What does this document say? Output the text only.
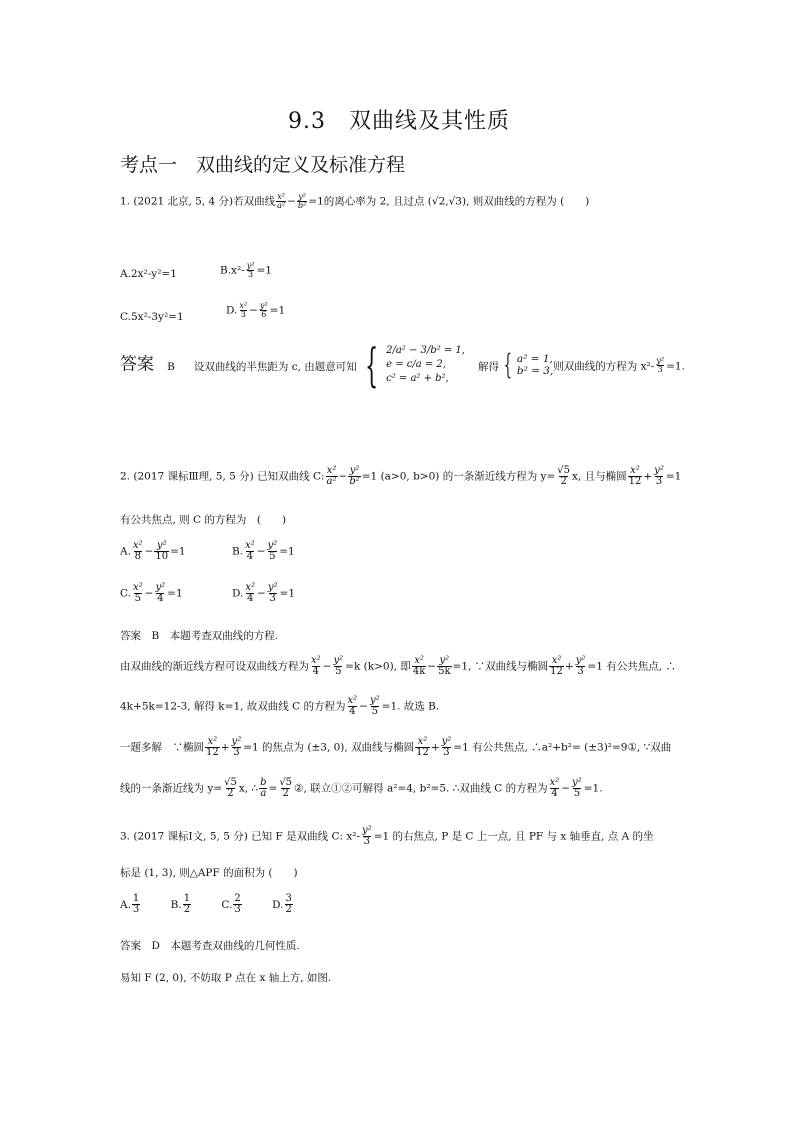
9.3　双曲线及其性质
考点一　双曲线的定义及标准方程
1. (2021 北京, 5, 4 分)若双曲线 $\frac{\text{x²}}{\text{a²}} - \frac{\text{y²}}{\text{b²}} =1$的离心率为 2, 且过点 (√2,√3), 则双曲线的方程为 (　　)
A.2x²-y²=1	$B.x^2- \frac{\text{y²}}{3} =1$
C.5x²-3y²=1
D. $\frac{\text{x²}}{3} - \frac{\text{y²}}{6} =1$
答案 B 设双曲线的半焦距为 c, 由题意可知 { 2/a² − 3/b² = 1,
e = c/a = 2,
c² = a² + b²,
解得 { a² = 1,
b² = 3, 则双曲线的方程为 $x^2- \frac{\text{y²}}{3} =1$.
2. (2017 课标Ⅲ理, 5, 5 分) 已知双曲线 C: $\frac{\text{x²}}{\text{a²}} - \frac{\text{y²}}{\text{b²}} =1$ (a>0, b>0) 的一条渐近线方程为 $y= \frac{√5}{2} x$, 且与椭圆 $\frac{\text{x²}}{12} + \frac{\text{y²}}{3} =1$
有公共焦点, 则 C 的方程为　(　　)
A. $\frac{\text{x²}}{8} - \frac{\text{y²}}{10} =1$	B. $\frac{\text{x²}}{4} - \frac{\text{y²}}{5} =1$
C. $\frac{\text{x²}}{5} - \frac{\text{y²}}{4} =1$	D. $\frac{\text{x²}}{4} - \frac{\text{y²}}{3} =1$
答案　B　本题考查双曲线的方程.
由双曲线的渐近线方程可设双曲线方程为 $\frac{\text{x²}}{4} - \frac{\text{y²}}{5} =k$ (k>0), 即 $\frac{\text{x²}}{4k} - \frac{\text{y²}}{5k} =1$, ∵双曲线与椭圆 $\frac{\text{x²}}{12} + \frac{\text{y²}}{3} =1$ 有公共焦点, ∴
4k+5k=12-3, 解得 k=1, 故双曲线 C 的方程为 $\frac{\text{x²}}{4} - \frac{\text{y²}}{5} =1$. 故选 B.
一题多解　∵椭圆 $\frac{\text{x²}}{12} + \frac{\text{y²}}{3} =1$ 的焦点为 (±3, 0), 双曲线与椭圆 $\frac{\text{x²}}{12} + \frac{\text{y²}}{3} =1$ 有公共焦点, ∴a²+b²= (±3)²=9①, ∵双曲
线的一条渐近线为 $y= \frac{√5}{2} x$, ∴ $\frac{b}{a} = \frac{√5}{2}$ ②, 联立①②可解得 a²=4, b²=5. ∴双曲线 C 的方程为 $\frac{\text{x²}}{4} - \frac{\text{y²}}{5} =1$.
3. (2017 课标Ⅰ文, 5, 5 分) 已知 F 是双曲线 C: $x^2- \frac{\text{y²}}{3} =1$ 的右焦点, P 是 C 上一点, 且 PF 与 x 轴垂直, 点 A 的坐
标是 (1, 3), 则△APF 的面积为 (　　)
A. $\frac{1}{3}$	B. $\frac{1}{2}$	C. $\frac{2}{3}$	D. $\frac{3}{2}$
答案　D　本题考查双曲线的几何性质.
易知 F (2, 0), 不妨取 P 点在 x 轴上方, 如图.
